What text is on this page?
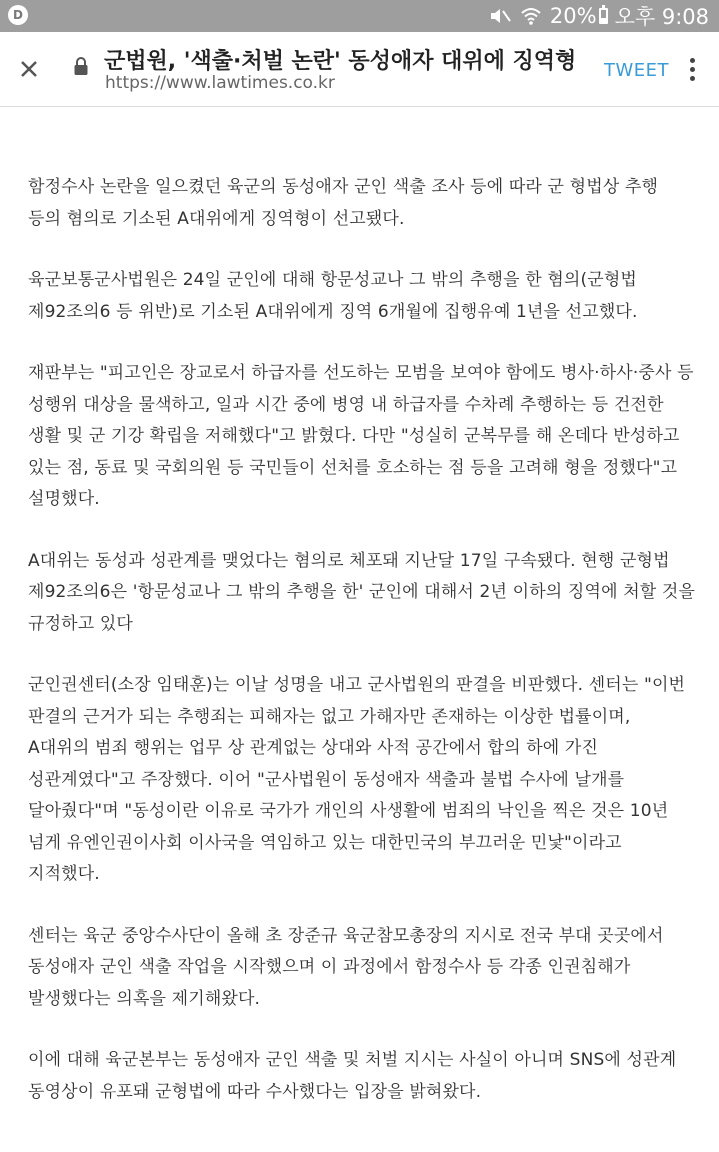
D	20% 오후 9:08
군법원, '색출·처벌 논란' 동성애자 대위에 징역형
https://www.lawtimes.co.kr
TWEET

함정수사 논란을 일으켰던 육군의 동성애자 군인 색출 조사 등에 따라 군 형법상 추행 등의 혐의로 기소된 A대위에게 징역형이 선고됐다.

육군보통군사법원은 24일 군인에 대해 항문성교나 그 밖의 추행을 한 혐의(군형법 제92조의6 등 위반)로 기소된 A대위에게 징역 6개월에 집행유예 1년을 선고했다.

재판부는 "피고인은 장교로서 하급자를 선도하는 모범을 보여야 함에도 병사·하사·중사 등 성행위 대상을 물색하고, 일과 시간 중에 병영 내 하급자를 수차례 추행하는 등 건전한 생활 및 군 기강 확립을 저해했다"고 밝혔다. 다만 "성실히 군복무를 해 온데다 반성하고 있는 점, 동료 및 국회의원 등 국민들이 선처를 호소하는 점 등을 고려해 형을 정했다"고 설명했다.

A대위는 동성과 성관계를 맺었다는 혐의로 체포돼 지난달 17일 구속됐다. 현행 군형법 제92조의6은 '항문성교나 그 밖의 추행을 한' 군인에 대해서 2년 이하의 징역에 처할 것을 규정하고 있다

군인권센터(소장 임태훈)는 이날 성명을 내고 군사법원의 판결을 비판했다. 센터는 "이번 판결의 근거가 되는 추행죄는 피해자는 없고 가해자만 존재하는 이상한 법률이며, A대위의 범죄 행위는 업무 상 관계없는 상대와 사적 공간에서 합의 하에 가진 성관계였다"고 주장했다. 이어 "군사법원이 동성애자 색출과 불법 수사에 날개를 달아줬다"며 "동성이란 이유로 국가가 개인의 사생활에 범죄의 낙인을 찍은 것은 10년 넘게 유엔인권이사회 이사국을 역임하고 있는 대한민국의 부끄러운 민낯"이라고 지적했다.

센터는 육군 중앙수사단이 올해 초 장준규 육군참모총장의 지시로 전국 부대 곳곳에서 동성애자 군인 색출 작업을 시작했으며 이 과정에서 함정수사 등 각종 인권침해가 발생했다는 의혹을 제기해왔다.

이에 대해 육군본부는 동성애자 군인 색출 및 처벌 지시는 사실이 아니며 SNS에 성관계 동영상이 유포돼 군형법에 따라 수사했다는 입장을 밝혀왔다.
